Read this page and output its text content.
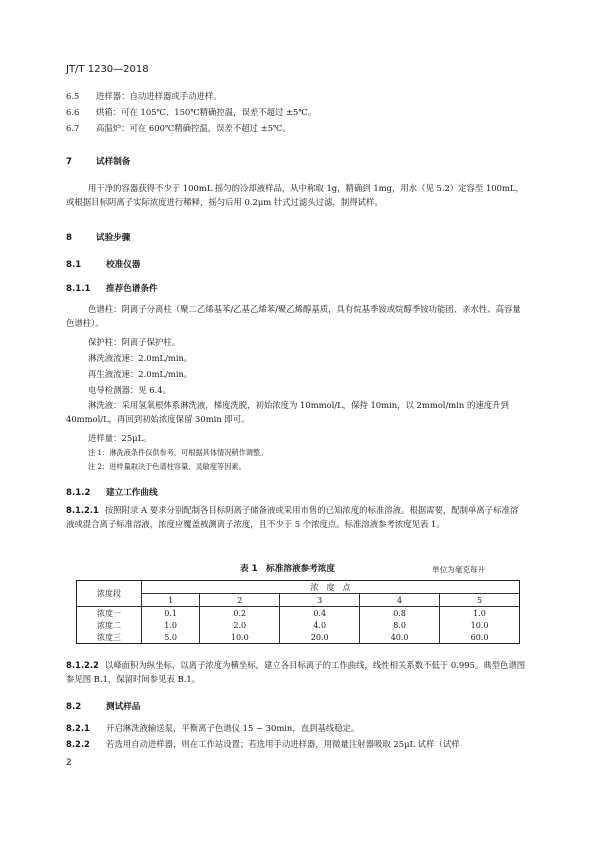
JT/T 1230—2018
6.5 进样器：自动进样器或手动进样。
6.6 烘箱：可在 105℃、150℃精确控温，误差不超过 ±5℃。
6.7 高温炉：可在 600℃精确控温，误差不超过 ±5℃。
7	试样制备
用干净的容器获得不少于 100mL 摇匀的冷却液样品，从中称取 1g，精确到 1mg，用水（见 5.2）定容至 100mL，或根据目标阴离子实际浓度进行稀释，摇匀后用 0.2μm 针式过滤头过滤，制得试样。
8	试验步骤
8.1	校准仪器
8.1.1 推荐色谱条件
色谱柱：阴离子分离柱（聚二乙烯基苯/乙基乙烯苯/聚乙烯醇基质，具有烷基季铵或烷醇季铵功能团、亲水性、高容量色谱柱）。
保护柱：阴离子保护柱。
淋洗液流速：2.0mL/min。
再生液流速：2.0mL/min。
电导检测器：见 6.4。
淋洗液：采用氢氧根体系淋洗液，梯度洗脱，初始浓度为 10mmol/L，保持 10min，以 2mmol/min 的速度升到 40mmol/L，再回到初始浓度保留 30min 即可。
进样量：25μL。
注 1：淋洗液条件仅供参考，可根据具体情况稍作调整。
注 2：进样量取决于色谱柱容量、灵敏度等因素。
8.1.2 建立工作曲线
8.1.2.1 按照附录 A 要求分别配制各目标阴离子储备液或采用市售的已知浓度的标准溶液。根据需要，配制单离子标准溶液或混合离子标准溶液，浓度应覆盖被测离子浓度，且不少于 5 个浓度点。标准溶液参考浓度见表 1。
表 1　标准溶液参考浓度	单位为毫克每升
浓度段	浓　度　点				
	1	2	3	4	5
浓度一	0.1	0.2	0.4	0.8	1.0
浓度二	1.0	2.0	4.0	8.0	10.0
浓度三	5.0	10.0	20.0	40.0	60.0
8.1.2.2 以峰面积为纵坐标，以离子浓度为横坐标，建立各目标离子的工作曲线，线性相关系数不低于 0.995。典型色谱图参见图 B.1，保留时间参见表 B.1。
8.2	测试样品
8.2.1 开启淋洗液输送泵，平衡离子色谱仪 15 ~ 30min，直到基线稳定。
8.2.2 若选用自动进样器，则在工作站设置；若选用手动进样器，用微量注射器吸取 25μL 试样（试样
2
